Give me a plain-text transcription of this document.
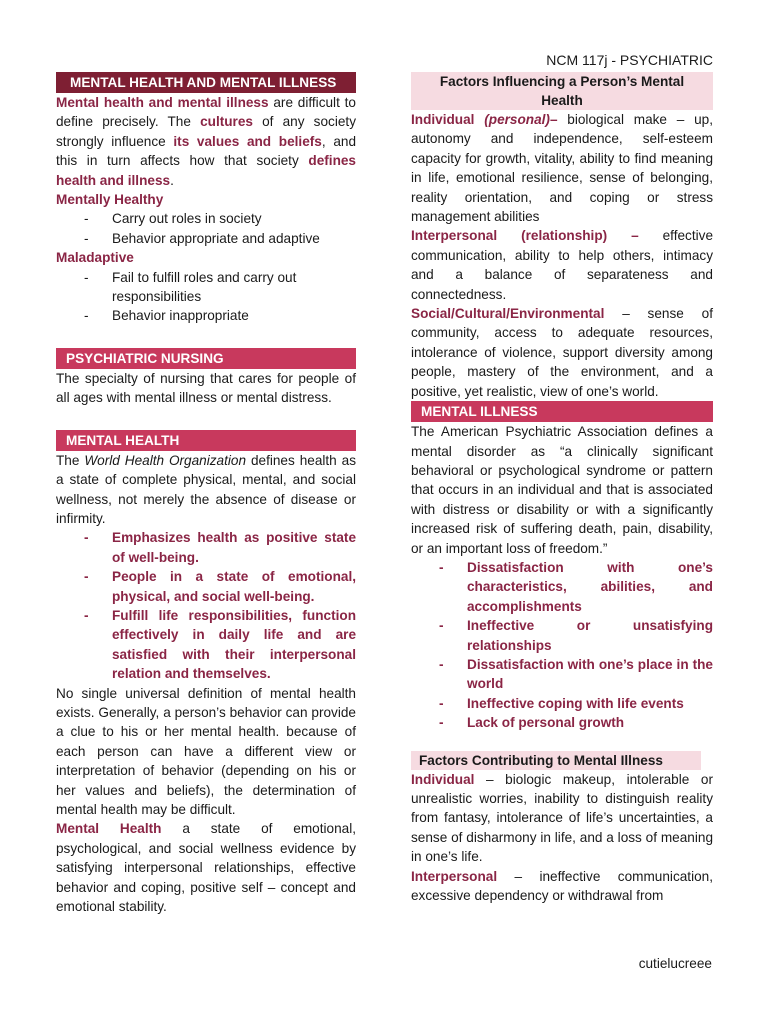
NCM 117j - PSYCHIATRIC
MENTAL HEALTH AND MENTAL ILLNESS

Mental health and mental illness are difficult to define precisely. The cultures of any society strongly influence its values and beliefs, and this in turn affects how that society defines health and illness.

Mentally Healthy
- Carry out roles in society
- Behavior appropriate and adaptive
Maladaptive
- Fail to fulfill roles and carry out responsibilities
- Behavior inappropriate
PSYCHIATRIC NURSING

The specialty of nursing that cares for people of all ages with mental illness or mental distress.

MENTAL HEALTH

The World Health Organization defines health as a state of complete physical, mental, and social wellness, not merely the absence of disease or infirmity.

- Emphasizes health as positive state of well-being.
- People in a state of emotional, physical, and social well-being.
- Fulfill life responsibilities, function effectively in daily life and are satisfied with their interpersonal relation and themselves.

No single universal definition of mental health exists. Generally, a person’s behavior can provide a clue to his or her mental health. because of each person can have a different view or interpretation of behavior (depending on his or her values and beliefs), the determination of mental health may be difficult.

Mental Health a state of emotional, psychological, and social wellness evidence by satisfying interpersonal relationships, effective behavior and coping, positive self – concept and emotional stability.

Factors Influencing a Person’s Mental Health

Individual (personal)– biological make – up, autonomy and independence, self-esteem capacity for growth, vitality, ability to find meaning in life, emotional resilience, sense of belonging, reality orientation, and coping or stress management abilities

Interpersonal (relationship) – effective communication, ability to help others, intimacy and a balance of separateness and connectedness.

Social/Cultural/Environmental – sense of community, access to adequate resources, intolerance of violence, support diversity among people, mastery of the environment, and a positive, yet realistic, view of one’s world.

MENTAL ILLNESS

The American Psychiatric Association defines a mental disorder as “a clinically significant behavioral or psychological syndrome or pattern that occurs in an individual and that is associated with distress or disability or with a significantly increased risk of suffering death, pain, disability, or an important loss of freedom.”

- Dissatisfaction with one’s characteristics, abilities, and accomplishments
- Ineffective or unsatisfying relationships
- Dissatisfaction with one’s place in the world
- Ineffective coping with life events
- Lack of personal growth
Factors Contributing to Mental Illness

Individual – biologic makeup, intolerable or unrealistic worries, inability to distinguish reality from fantasy, intolerance of life’s uncertainties, a sense of disharmony in life, and a loss of meaning in one’s life.

Interpersonal – ineffective communication, excessive dependency or withdrawal from

cutielucreee
